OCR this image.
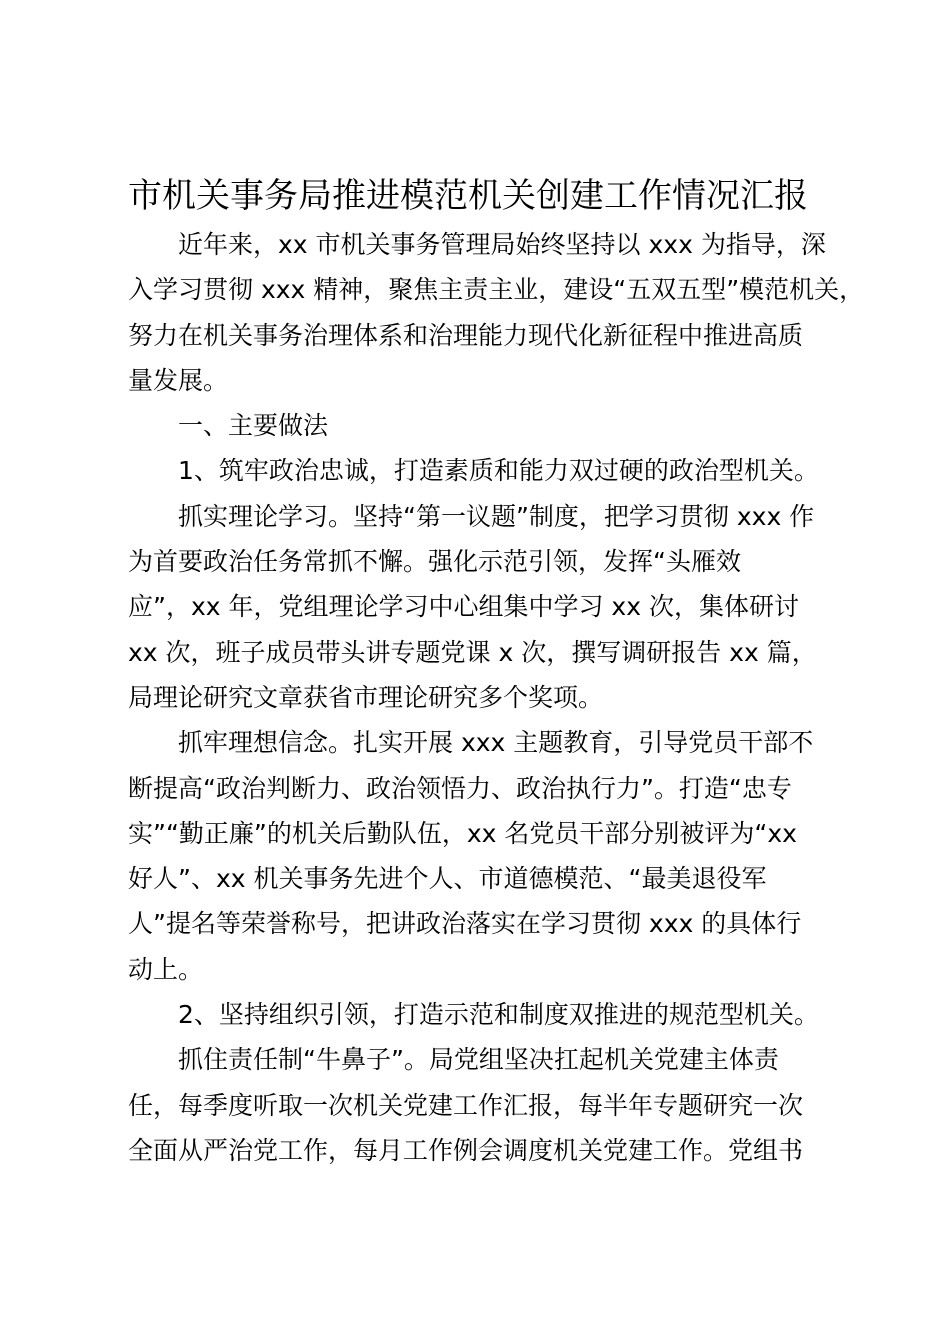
市机关事务局推进模范机关创建工作情况汇报
近年来，xx 市机关事务管理局始终坚持以 xxx 为指导，深
入学习贯彻 xxx 精神，聚焦主责主业，建设“五双五型”模范机关，
努力在机关事务治理体系和治理能力现代化新征程中推进高质
量发展。
一、主要做法
1、筑牢政治忠诚，打造素质和能力双过硬的政治型机关。
抓实理论学习。坚持“第一议题”制度，把学习贯彻 xxx 作
为首要政治任务常抓不懈。强化示范引领，发挥“头雁效
应”，xx 年，党组理论学习中心组集中学习 xx 次，集体研讨
xx 次，班子成员带头讲专题党课 x 次，撰写调研报告 xx 篇，
局理论研究文章获省市理论研究多个奖项。
抓牢理想信念。扎实开展 xxx 主题教育，引导党员干部不
断提高“政治判断力、政治领悟力、政治执行力”。打造“忠专
实”“勤正廉”的机关后勤队伍，xx 名党员干部分别被评为“xx
好人”、xx 机关事务先进个人、市道德模范、“最美退役军
人”提名等荣誉称号，把讲政治落实在学习贯彻 xxx 的具体行
动上。
2、坚持组织引领，打造示范和制度双推进的规范型机关。
抓住责任制“牛鼻子”。局党组坚决扛起机关党建主体责
任，每季度听取一次机关党建工作汇报，每半年专题研究一次
全面从严治党工作，每月工作例会调度机关党建工作。党组书
